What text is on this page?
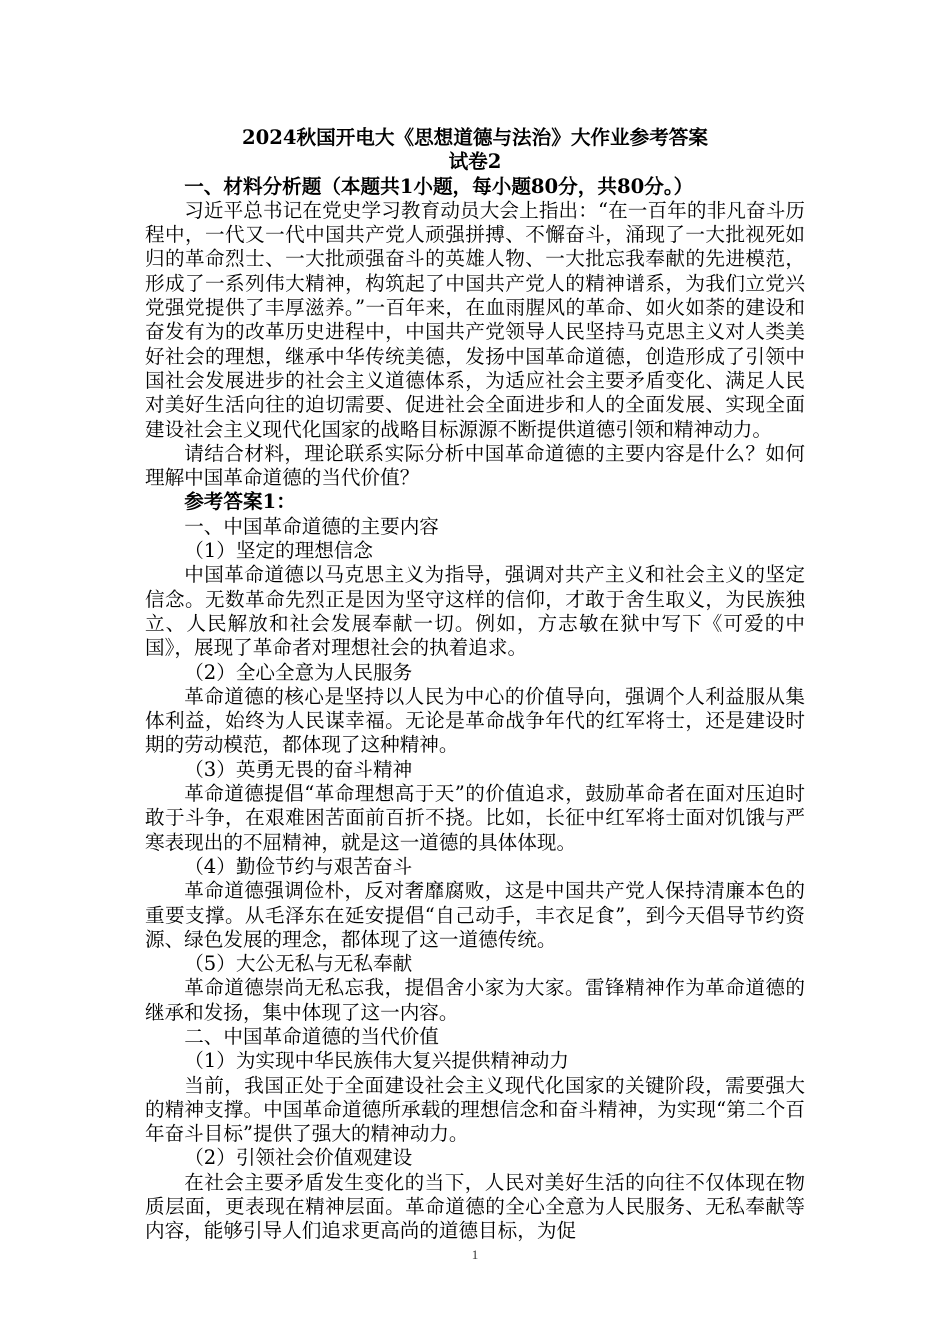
2024秋国开电大《思想道德与法治》大作业参考答案
试卷2

一、材料分析题（本题共1小题，每小题80分，共80分。）

习近平总书记在党史学习教育动员大会上指出：“在一百年的非凡奋斗历程中，一代又一代中国共产党人顽强拼搏、不懈奋斗，涌现了一大批视死如归的革命烈士、一大批顽强奋斗的英雄人物、一大批忘我奉献的先进模范，形成了一系列伟大精神，构筑起了中国共产党人的精神谱系，为我们立党兴党强党提供了丰厚滋养。”一百年来，在血雨腥风的革命、如火如荼的建设和奋发有为的改革历史进程中，中国共产党领导人民坚持马克思主义对人类美好社会的理想，继承中华传统美德，发扬中国革命道德，创造形成了引领中国社会发展进步的社会主义道德体系，为适应社会主要矛盾变化、满足人民对美好生活向往的迫切需要、促进社会全面进步和人的全面发展、实现全面建设社会主义现代化国家的战略目标源源不断提供道德引领和精神动力。

请结合材料，理论联系实际分析中国革命道德的主要内容是什么？如何理解中国革命道德的当代价值？

参考答案1：

一、中国革命道德的主要内容

（1）坚定的理想信念

中国革命道德以马克思主义为指导，强调对共产主义和社会主义的坚定信念。无数革命先烈正是因为坚守这样的信仰，才敢于舍生取义，为民族独立、人民解放和社会发展奉献一切。例如，方志敏在狱中写下《可爱的中国》，展现了革命者对理想社会的执着追求。

（2）全心全意为人民服务

革命道德的核心是坚持以人民为中心的价值导向，强调个人利益服从集体利益，始终为人民谋幸福。无论是革命战争年代的红军将士，还是建设时期的劳动模范，都体现了这种精神。

（3）英勇无畏的奋斗精神

革命道德提倡“革命理想高于天”的价值追求，鼓励革命者在面对压迫时敢于斗争，在艰难困苦面前百折不挠。比如，长征中红军将士面对饥饿与严寒表现出的不屈精神，就是这一道德的具体体现。

（4）勤俭节约与艰苦奋斗

革命道德强调俭朴，反对奢靡腐败，这是中国共产党人保持清廉本色的重要支撑。从毛泽东在延安提倡“自己动手，丰衣足食”，到今天倡导节约资源、绿色发展的理念，都体现了这一道德传统。

（5）大公无私与无私奉献

革命道德崇尚无私忘我，提倡舍小家为大家。雷锋精神作为革命道德的继承和发扬，集中体现了这一内容。

二、中国革命道德的当代价值

（1）为实现中华民族伟大复兴提供精神动力

当前，我国正处于全面建设社会主义现代化国家的关键阶段，需要强大的精神支撑。中国革命道德所承载的理想信念和奋斗精神，为实现“第二个百年奋斗目标”提供了强大的精神动力。

（2）引领社会价值观建设

在社会主要矛盾发生变化的当下，人民对美好生活的向往不仅体现在物质层面，更表现在精神层面。革命道德的全心全意为人民服务、无私奉献等内容，能够引导人们追求更高尚的道德目标，为促

1
